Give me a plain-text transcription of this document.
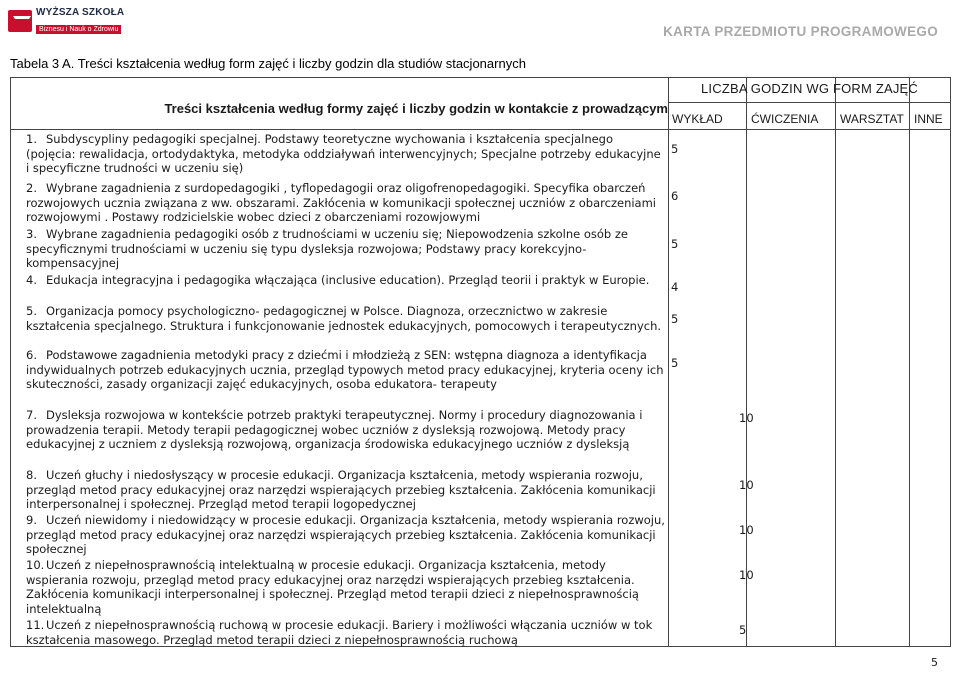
WYŻSZA SZKOŁA
Biznesu i Nauk o Zdrowiu	KARTA PRZEDMIOTU PROGRAMOWEGO
Tabela 3 A. Treści kształcenia według form zajęć i liczby godzin dla studiów stacjonarnych
Treści kształcenia według formy zajęć i liczby godzin w kontakcie z prowadzącym
LICZBA GODZIN WG FORM ZAJĘĆ
WYKŁAD ĆWICZENIA WARSZTAT INNE
1. Subdyscypliny pedagogiki specjalnej. Podstawy teoretyczne wychowania i kształcenia specjalnego (pojęcia: rewalidacja, ortodydaktyka, metodyka oddziaływań interwencyjnych; Specjalne potrzeby edukacyjne i specyficzne trudności w uczeniu się)
5
2. Wybrane zagadnienia z surdopedagogiki , tyflopedagogii oraz oligofrenopedagogiki. Specyfika obarczeń rozwojowych ucznia związana z ww. obszarami. Zakłócenia w komunikacji społecznej uczniów z obarczeniami rozwojowymi . Postawy rodzicielskie wobec dzieci z obarczeniami rozowjowymi
6
3. Wybrane zagadnienia pedagogiki osób z trudnościami w uczeniu się; Niepowodzenia szkolne osób ze specyficznymi trudnościami w uczeniu się typu dysleksja rozwojowa; Podstawy pracy korekcyjno-kompensacyjnej
5
4. Edukacja integracyjna i pedagogika włączająca (inclusive education). Przegląd teorii i praktyk w Europie.	4
5. Organizacja pomocy psychologiczno- pedagogicznej w Polsce. Diagnoza, orzecznictwo w zakresie kształcenia specjalnego. Struktura i funkcjonowanie jednostek edukacyjnych, pomocowych i terapeutycznych. 5
6. Podstawowe zagadnienia metodyki pracy z dziećmi i młodzieżą z SEN: wstępna diagnoza a identyfikacja indywidualnych potrzeb edukacyjnych ucznia, przegląd typowych metod pracy edukacyjnej, kryteria oceny ich skuteczności, zasady organizacji zajęć edukacyjnych, osoba edukatora- terapeuty
5
7. Dysleksja rozwojowa w kontekście potrzeb praktyki terapeutycznej. Normy i procedury diagnozowania i prowadzenia terapii. Metody terapii pedagogicznej wobec uczniów z dysleksją rozwojową. Metody pracy edukacyjnej z uczniem z dysleksją rozwojową, organizacja środowiska edukacyjnego uczniów z dysleksją
10
8. Uczeń głuchy i niedosłyszący w procesie edukacji. Organizacja kształcenia, metody wspierania rozwoju, przegląd metod pracy edukacyjnej oraz narzędzi wspierających przebieg kształcenia. Zakłócenia komunikacji interpersonalnej i społecznej. Przegląd metod terapii logopedycznej
10
9. Uczeń niewidomy i niedowidzący w procesie edukacji. Organizacja kształcenia, metody wspierania rozwoju, przegląd metod pracy edukacyjnej oraz narzędzi wspierających przebieg kształcenia. Zakłócenia komunikacji społecznej
10
10. Uczeń z niepełnosprawnością intelektualną w procesie edukacji. Organizacja kształcenia, metody wspierania rozwoju, przegląd metod pracy edukacyjnej oraz narzędzi wspierających przebieg kształcenia. Zakłócenia komunikacji interpersonalnej i społecznej. Przegląd metod terapii dzieci z niepełnosprawnością intelektualną
10
11. Uczeń z niepełnosprawnością ruchową w procesie edukacji. Bariery i możliwości włączania uczniów w tok kształcenia masowego. Przegląd metod terapii dzieci z niepełnosprawnością ruchową
5
5
